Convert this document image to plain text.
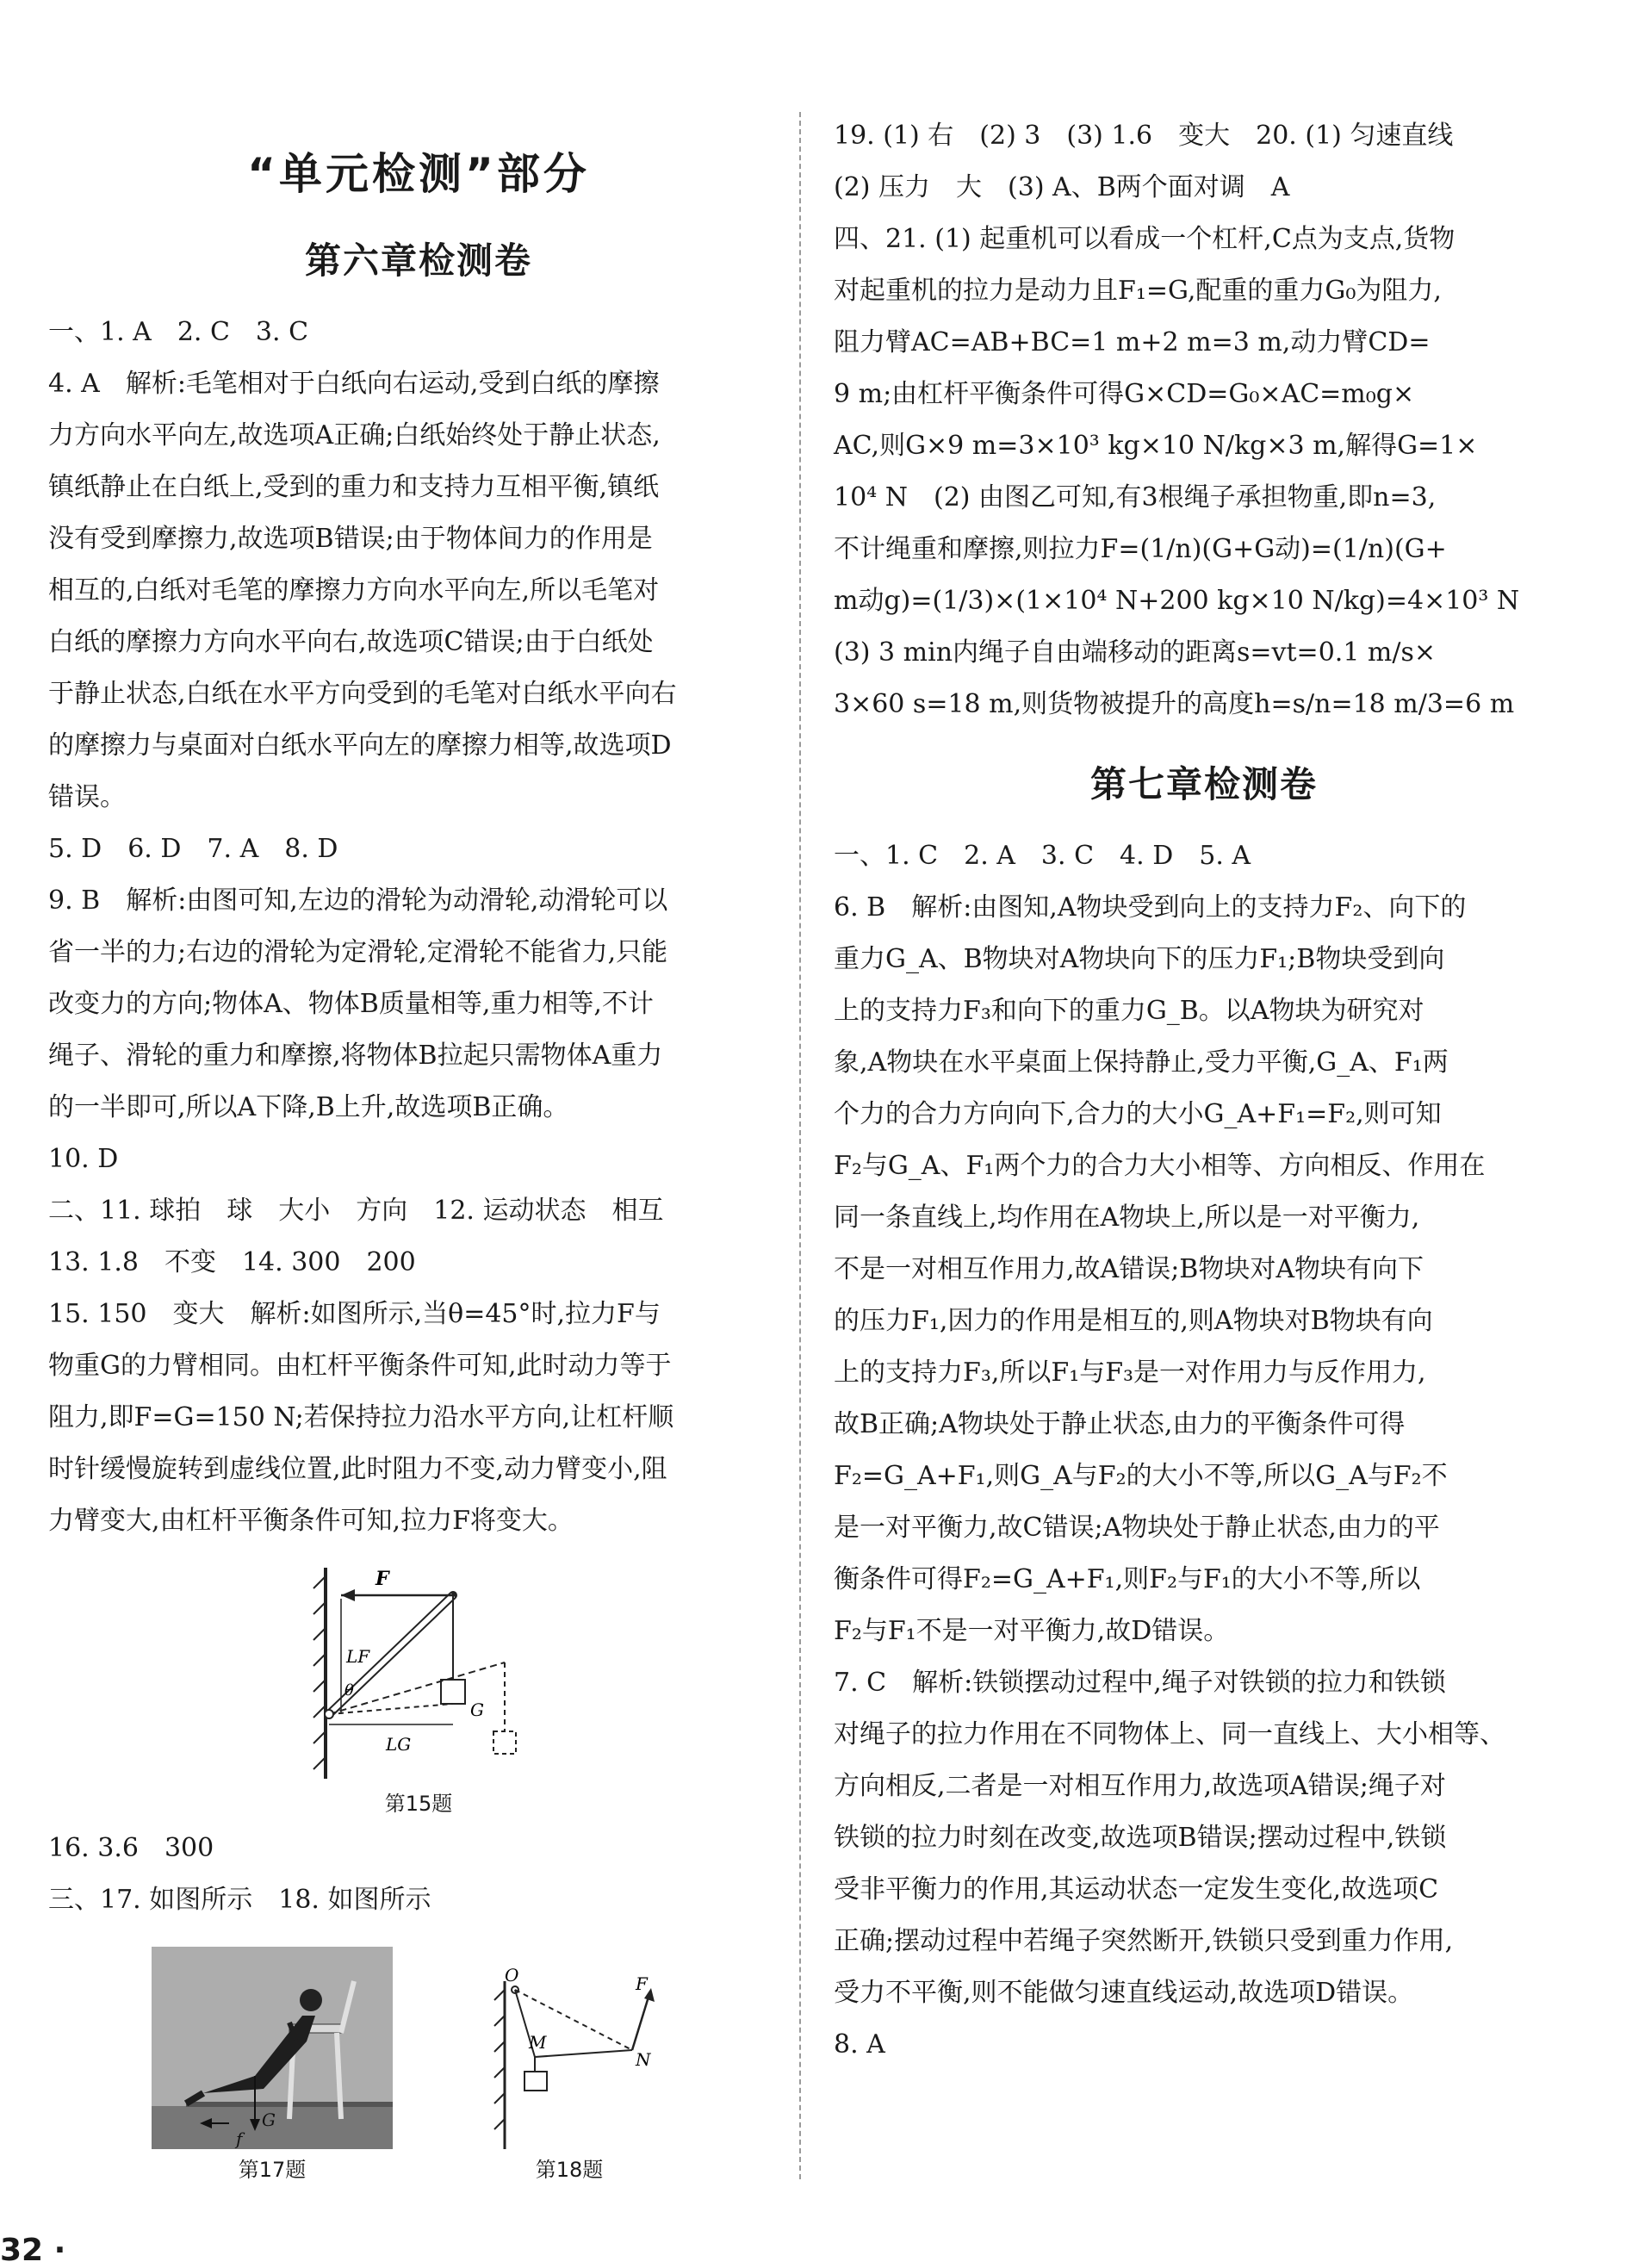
“单元检测”部分
第六章检测卷

一、1. A　2. C　3. C

4. A　解析:毛笔相对于白纸向右运动,受到白纸的摩擦

力方向水平向左,故选项A正确;白纸始终处于静止状态,

镇纸静止在白纸上,受到的重力和支持力互相平衡,镇纸

没有受到摩擦力,故选项B错误;由于物体间力的作用是

相互的,白纸对毛笔的摩擦力方向水平向左,所以毛笔对

白纸的摩擦力方向水平向右,故选项C错误;由于白纸处

于静止状态,白纸在水平方向受到的毛笔对白纸水平向右

的摩擦力与桌面对白纸水平向左的摩擦力相等,故选项D

错误。

5. D　6. D　7. A　8. D

9. B　解析:由图可知,左边的滑轮为动滑轮,动滑轮可以

省一半的力;右边的滑轮为定滑轮,定滑轮不能省力,只能

改变力的方向;物体A、物体B质量相等,重力相等,不计

绳子、滑轮的重力和摩擦,将物体B拉起只需物体A重力

的一半即可,所以A下降,B上升,故选项B正确。

10. D

二、11. 球拍　球　大小　方向　12. 运动状态　相互

13. 1.8　不变　14. 300　200

15. 150　变大　解析:如图所示,当θ=45°时,拉力F与

物重G的力臂相同。由杠杆平衡条件可知,此时动力等于

阻力,即F=G=150 N;若保持拉力沿水平方向,让杠杆顺

时针缓慢旋转到虚线位置,此时阻力不变,动力臂变小,阻

力臂变大,由杠杆平衡条件可知,拉力F将变大。

F
LF
θ
G
LG
第15题

16. 3.6　300

三、17. 如图所示　18. 如图所示

f
G
第17题
O
M
N
F
第18题

19. (1) 右　(2) 3　(3) 1.6　变大　20. (1) 匀速直线

(2) 压力　大　(3) A、B两个面对调　A

四、21. (1) 起重机可以看成一个杠杆,C点为支点,货物

对起重机的拉力是动力且F₁=G,配重的重力G₀为阻力,

阻力臂AC=AB+BC=1 m+2 m=3 m,动力臂CD=

9 m;由杠杆平衡条件可得G×CD=G₀×AC=m₀g×

AC,则G×9 m=3×10³ kg×10 N/kg×3 m,解得G=1×

10⁴ N　(2) 由图乙可知,有3根绳子承担物重,即n=3,

不计绳重和摩擦,则拉力F=(1/n)(G+G动)=(1/n)(G+

m动g)=(1/3)×(1×10⁴ N+200 kg×10 N/kg)=4×10³ N

(3) 3 min内绳子自由端移动的距离s=vt=0.1 m/s×

3×60 s=18 m,则货物被提升的高度h=s/n=18 m/3=6 m

第七章检测卷

一、1. C　2. A　3. C　4. D　5. A

6. B　解析:由图知,A物块受到向上的支持力F₂、向下的

重力G_A、B物块对A物块向下的压力F₁;B物块受到向

上的支持力F₃和向下的重力G_B。以A物块为研究对

象,A物块在水平桌面上保持静止,受力平衡,G_A、F₁两

个力的合力方向向下,合力的大小G_A+F₁=F₂,则可知

F₂与G_A、F₁两个力的合力大小相等、方向相反、作用在

同一条直线上,均作用在A物块上,所以是一对平衡力,

不是一对相互作用力,故A错误;B物块对A物块有向下

的压力F₁,因力的作用是相互的,则A物块对B物块有向

上的支持力F₃,所以F₁与F₃是一对作用力与反作用力,

故B正确;A物块处于静止状态,由力的平衡条件可得

F₂=G_A+F₁,则G_A与F₂的大小不等,所以G_A与F₂不

是一对平衡力,故C错误;A物块处于静止状态,由力的平

衡条件可得F₂=G_A+F₁,则F₂与F₁的大小不等,所以

F₂与F₁不是一对平衡力,故D错误。

7. C　解析:铁锁摆动过程中,绳子对铁锁的拉力和铁锁

对绳子的拉力作用在不同物体上、同一直线上、大小相等、

方向相反,二者是一对相互作用力,故选项A错误;绳子对

铁锁的拉力时刻在改变,故选项B错误;摆动过程中,铁锁

受非平衡力的作用,其运动状态一定发生变化,故选项C

正确;摆动过程中若绳子突然断开,铁锁只受到重力作用,

受力不平衡,则不能做匀速直线运动,故选项D错误。

8. A

32 ·
